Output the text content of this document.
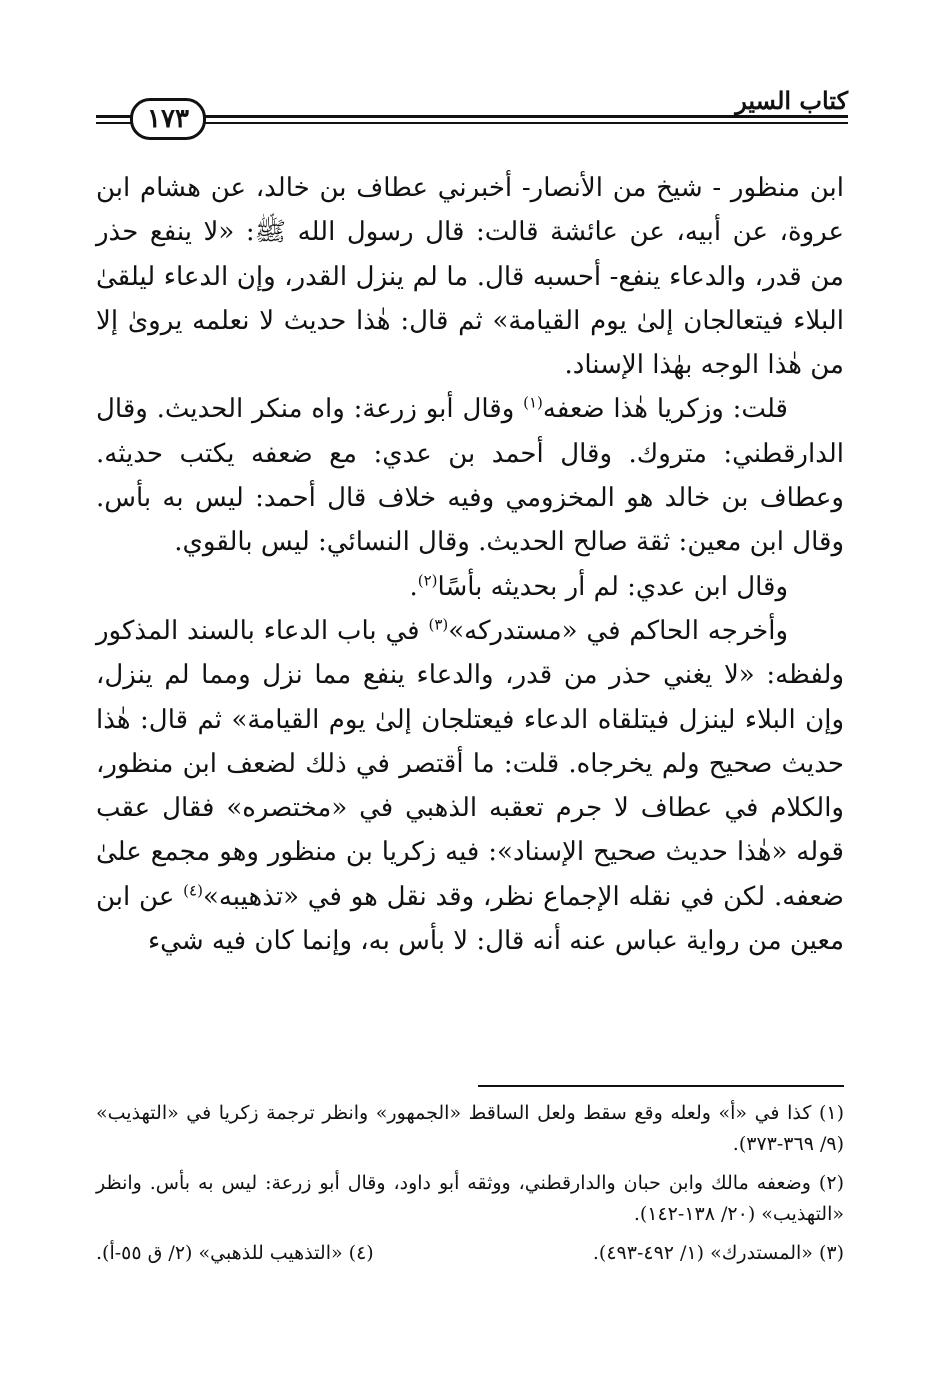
١٧٣
كتاب السير

ابن منظور - شيخ من الأنصار- أخبرني عطاف بن خالد، عن هشام ابن عروة، عن أبيه، عن عائشة قالت: قال رسول الله ﷺ: «لا ينفع حذر من قدر، والدعاء ينفع- أحسبه قال. ما لم ينزل القدر، وإن الدعاء ليلقىٰ البلاء فيتعالجان إلىٰ يوم القيامة» ثم قال: هٰذا حديث لا نعلمه يروىٰ إلا من هٰذا الوجه بهٰذا الإسناد.

قلت: وزكريا هٰذا ضعفه$^{(١)}$ وقال أبو زرعة: واه منكر الحديث. وقال الدارقطني: متروك. وقال أحمد بن عدي: مع ضعفه يكتب حديثه. وعطاف بن خالد هو المخزومي وفيه خلاف قال أحمد: ليس به بأس. وقال ابن معين: ثقة صالح الحديث. وقال النسائي: ليس بالقوي.

وقال ابن عدي: لم أر بحديثه بأسًا$^{(٢)}$.

وأخرجه الحاكم في «مستدركه»$^{(٣)}$ في باب الدعاء بالسند المذكور ولفظه: «لا يغني حذر من قدر، والدعاء ينفع مما نزل ومما لم ينزل، وإن البلاء لينزل فيتلقاه الدعاء فيعتلجان إلىٰ يوم القيامة» ثم قال: هٰذا حديث صحيح ولم يخرجاه. قلت: ما أقتصر في ذلك لضعف ابن منظور، والكلام في عطاف لا جرم تعقبه الذهبي في «مختصره» فقال عقب قوله «هٰذا حديث صحيح الإسناد»: فيه زكريا بن منظور وهو مجمع علىٰ ضعفه. لكن في نقله الإجماع نظر، وقد نقل هو في «تذهيبه»$^{(٤)}$ عن ابن معين من رواية عباس عنه أنه قال: لا بأس به، وإنما كان فيه شيء

(١) كذا في «أ» ولعله وقع سقط ولعل الساقط «الجمهور» وانظر ترجمة زكريا في «التهذيب» (٩/ ٣٦٩-٣٧٣).

(٢) وضعفه مالك وابن حبان والدارقطني، ووثقه أبو داود، وقال أبو زرعة: ليس به بأس. وانظر «التهذيب» (٢٠/ ١٣٨-١٤٢).

(٣) «المستدرك» (١/ ٤٩٢-٤٩٣).
(٤) «التذهيب للذهبي» (٢/ ق ٥٥-أ).
